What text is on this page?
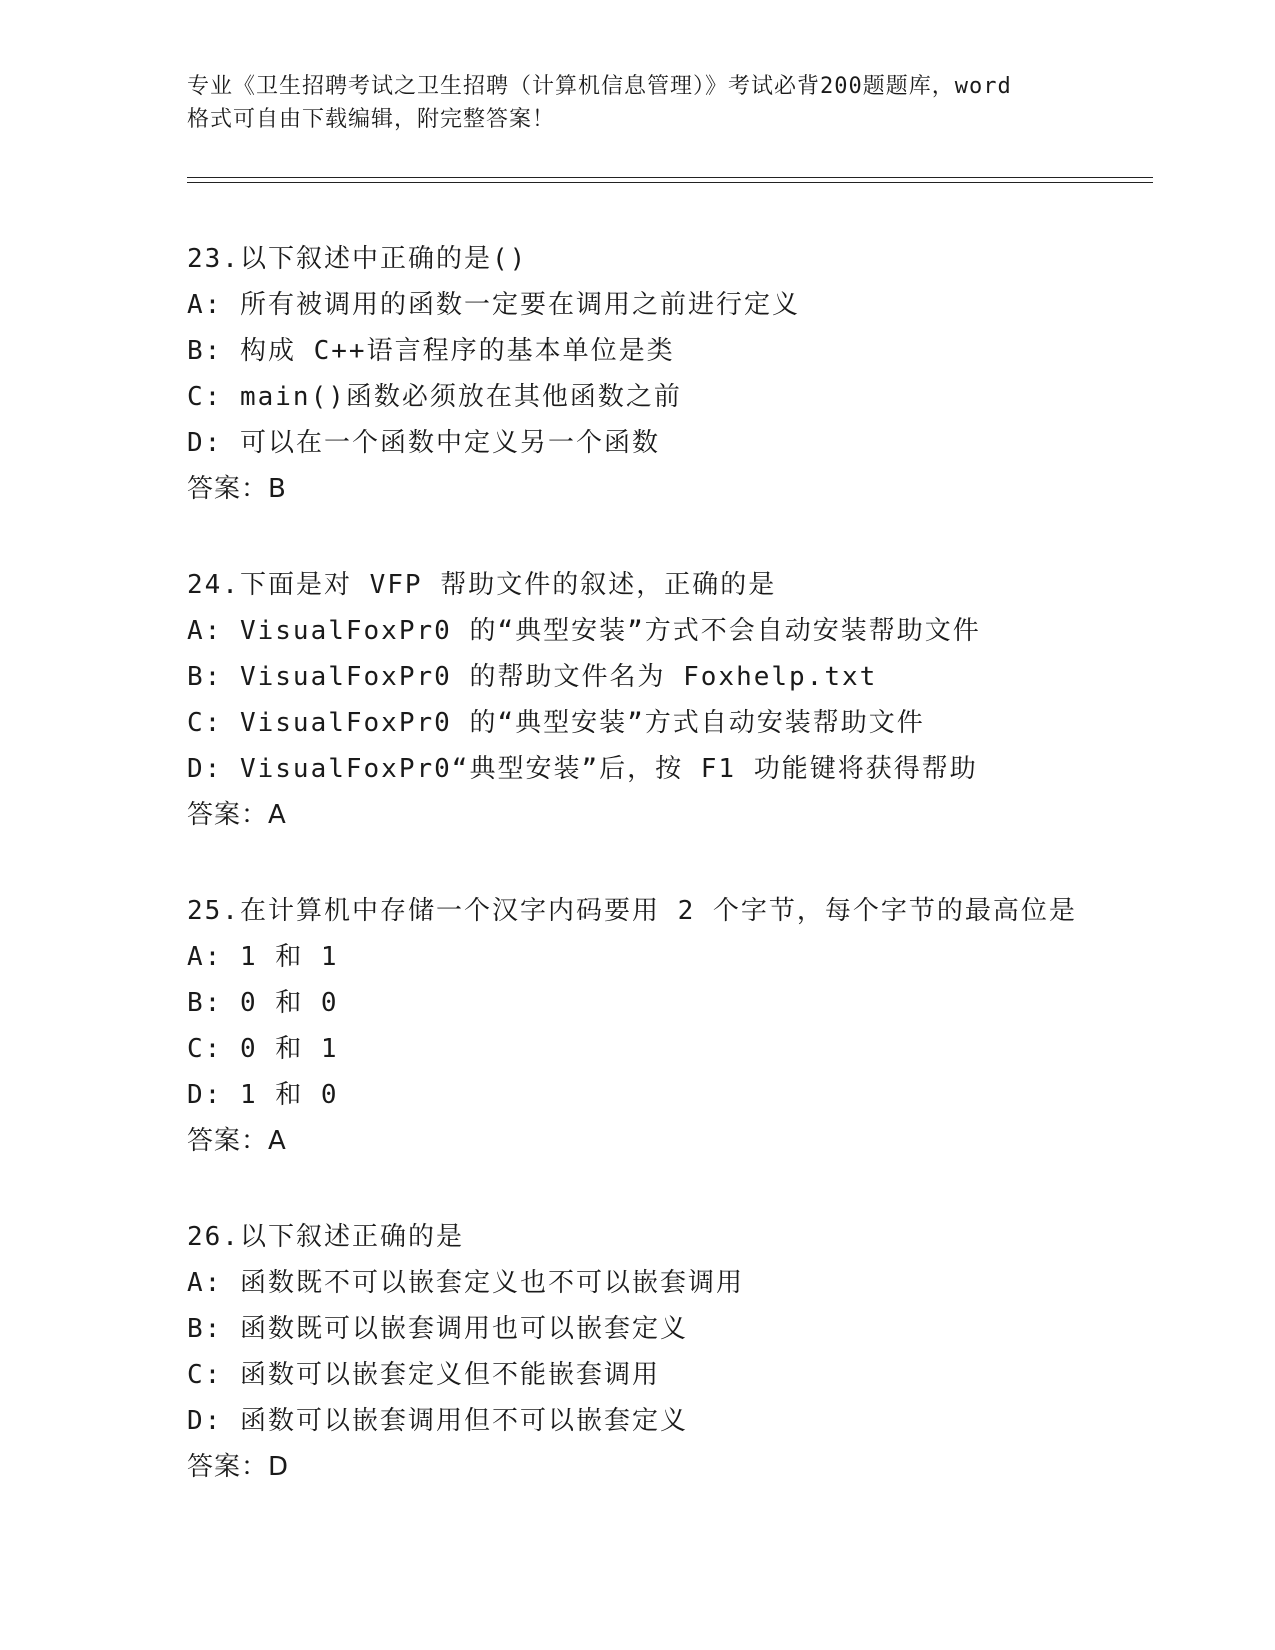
专业《卫生招聘考试之卫生招聘（计算机信息管理）》考试必背200题题库，word
格式可自由下载编辑，附完整答案！
23.以下叙述中正确的是()
A: 所有被调用的函数一定要在调用之前进行定义
B: 构成 C++语言程序的基本单位是类
C: main()函数必须放在其他函数之前
D: 可以在一个函数中定义另一个函数
答案：B
24.下面是对 VFP 帮助文件的叙述，正确的是
A: VisualFoxPr0 的“典型安装”方式不会自动安装帮助文件
B: VisualFoxPr0 的帮助文件名为 Foxhelp.txt
C: VisualFoxPr0 的“典型安装”方式自动安装帮助文件
D: VisualFoxPr0“典型安装”后，按 F1 功能键将获得帮助
答案：A
25.在计算机中存储一个汉字内码要用 2 个字节，每个字节的最高位是
A: 1 和 1
B: 0 和 0
C: 0 和 1
D: 1 和 0
答案：A
26.以下叙述正确的是
A: 函数既不可以嵌套定义也不可以嵌套调用
B: 函数既可以嵌套调用也可以嵌套定义
C: 函数可以嵌套定义但不能嵌套调用
D: 函数可以嵌套调用但不可以嵌套定义
答案：D
